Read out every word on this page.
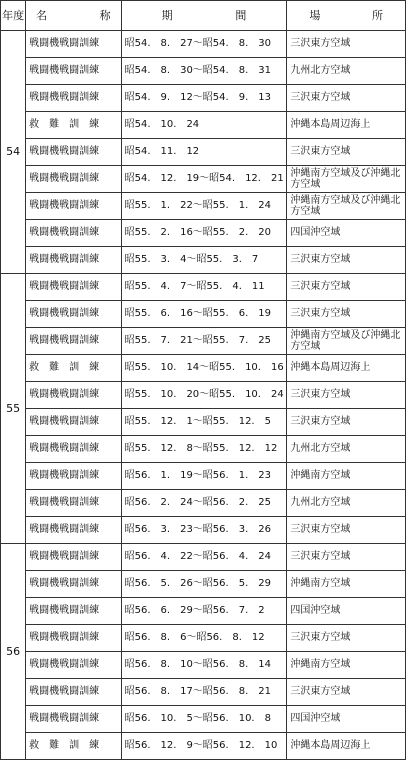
年度	名　称	期　間	場　所
54	戦闘機戦闘訓練	昭54.　8.　27～昭54.　8.　30	三沢東方空域
	戦闘機戦闘訓練	昭54.　8.　30～昭54.　8.　31	九州北方空域
	戦闘機戦闘訓練	昭54.　9.　12～昭54.　9.　13	三沢東方空域
	救　難　訓　練	昭54.　10.　24	沖縄本島周辺海上
	戦闘機戦闘訓練	昭54.　11.　12	三沢東方空域
	戦闘機戦闘訓練	昭54.　12.　19～昭54.　12.　21	沖縄南方空域及び沖縄北方空域
	戦闘機戦闘訓練	昭55.　1.　22～昭55.　1.　24	沖縄南方空域及び沖縄北方空域
	戦闘機戦闘訓練	昭55.　2.　16～昭55.　2.　20	四国沖空域
	戦闘機戦闘訓練	昭55.　3.　4～昭55.　3.　7	三沢東方空域
55	戦闘機戦闘訓練	昭55.　4.　7～昭55.　4.　11	三沢東方空域
	戦闘機戦闘訓練	昭55.　6.　16～昭55.　6.　19	三沢東方空域
	戦闘機戦闘訓練	昭55.　7.　21～昭55.　7.　25	沖縄南方空域及び沖縄北方空域
	救　難　訓　練	昭55.　10.　14～昭55.　10.　16	沖縄本島周辺海上
	戦闘機戦闘訓練	昭55.　10.　20～昭55.　10.　24	三沢東方空域
	戦闘機戦闘訓練	昭55.　12.　1～昭55.　12.　5	三沢東方空域
	戦闘機戦闘訓練	昭55.　12.　8～昭55.　12.　12	九州北方空域
	戦闘機戦闘訓練	昭56.　1.　19～昭56.　1.　23	沖縄南方空域
	戦闘機戦闘訓練	昭56.　2.　24～昭56.　2.　25	九州北方空域
	戦闘機戦闘訓練	昭56.　3.　23～昭56.　3.　26	三沢東方空域
56	戦闘機戦闘訓練	昭56.　4.　22～昭56.　4.　24	三沢東方空域
	戦闘機戦闘訓練	昭56.　5.　26～昭56.　5.　29	沖縄南方空域
	戦闘機戦闘訓練	昭56.　6.　29～昭56.　7.　2	四国沖空域
	戦闘機戦闘訓練	昭56.　8.　6～昭56.　8.　12	三沢東方空域
	戦闘機戦闘訓練	昭56.　8.　10～昭56.　8.　14	沖縄南方空域
	戦闘機戦闘訓練	昭56.　8.　17～昭56.　8.　21	三沢東方空域
	戦闘機戦闘訓練	昭56.　10.　5～昭56.　10.　8	四国沖空域
	救　難　訓　練	昭56.　12.　9～昭56.　12.　10	沖縄本島周辺海上
